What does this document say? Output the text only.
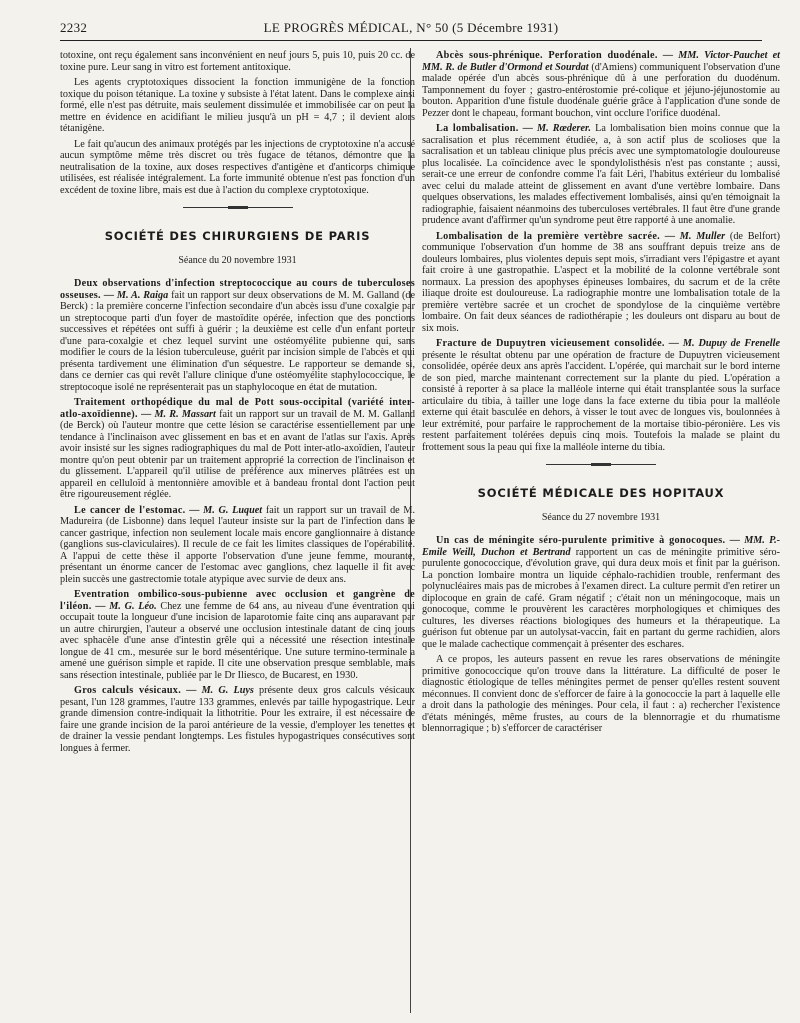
2232	LE PROGRÈS MÉDICAL, N° 50 (5 Décembre 1931)

totoxine, ont reçu également sans inconvénient en neuf jours 5, puis 10, puis 20 cc. de toxine pure. Leur sang in vitro est fortement antitoxique.

Les agents cryptotoxiques dissocient la fonction immunigène de la fonction toxique du poison tétanique. La toxine y subsiste à l'état latent. Dans le complexe ainsi formé, elle n'est pas détruite, mais seulement dissimulée et immobilisée car on peut la mettre en évidence en acidifiant le milieu jusqu'à un pH = 4,7 ; il devient alors tétanigène.

Le fait qu'aucun des animaux protégés par les injections de cryptotoxine n'a accusé aucun symptôme même très discret ou très fugace de tétanos, démontre que la neutralisation de la toxine, aux doses respectives d'antigène et d'anticorps chimique utilisées, est réalisée intégralement. La forte immunité obtenue n'est pas fonction d'un excédent de toxine libre, mais est due à l'action du complexe cryptotoxique.

SOCIÉTÉ DES CHIRURGIENS DE PARIS
Séance du 20 novembre 1931

Deux observations d'infection streptococcique au cours de tuberculoses osseuses. — M. A. Raiga fait un rapport sur deux observations de M. M. Galland (de Berck) : la première concerne l'infection secondaire d'un abcès issu d'une coxalgie par un streptocoque parti d'un foyer de mastoïdite opérée, infection que des ponctions successives et répétées ont suffi à guérir ; la deuxième est celle d'un enfant porteur d'une para-coxalgie et chez lequel survint une ostéomyélite pubienne qui, sans modifier le cours de la lésion tuberculeuse, guérit par incision simple de l'abcès et qui présenta tardivement une élimination d'un séquestre. Le rapporteur se demande si, dans ce dernier cas qui revêt l'allure clinique d'une ostéomyélite staphylococcique, le streptocoque isolé ne représenterait pas un staphylocoque en état de mutation.

Traitement orthopédique du mal de Pott sous-occipital (variété inter-atlo-axoïdienne). — M. R. Massart fait un rapport sur un travail de M. M. Galland (de Berck) où l'auteur montre que cette lésion se caractérise essentiellement par une tendance à l'inclinaison avec glissement en bas et en avant de l'atlas sur l'axis. Après avoir insisté sur les signes radiographiques du mal de Pott inter-atlo-axoïdien, l'auteur montre qu'on peut obtenir par un traitement approprié la correction de l'inclinaison et du glissement. L'appareil qu'il utilise de préférence aux minerves plâtrées est un appareil en celluloïd à mentonnière amovible et à bandeau frontal dont l'action peut être rigoureusement réglée.

Le cancer de l'estomac. — M. G. Luquet fait un rapport sur un travail de M. Madureira (de Lisbonne) dans lequel l'auteur insiste sur la part de l'infection dans le cancer gastrique, infection non seulement locale mais encore ganglionnaire à distance (ganglions sus-claviculaires). Il recule de ce fait les limites classiques de l'opérabilité. A l'appui de cette thèse il apporte l'observation d'une jeune femme, mourante, présentant un énorme cancer de l'estomac avec ganglions, chez laquelle il fit avec plein succès une gastrectomie totale atypique avec survie de deux ans.

Eventration ombilico-sous-pubienne avec occlusion et gangrène de l'iléon. — M. G. Léo. Chez une femme de 64 ans, au niveau d'une éventration qui occupait toute la longueur d'une incision de laparotomie faite cinq ans auparavant par un autre chirurgien, l'auteur a observé une occlusion intestinale datant de cinq jours avec sphacèle d'une anse d'intestin grêle qui a nécessité une résection intestinale longue de 41 cm., mesurée sur le bord mésentérique. Une suture termino-terminale a amené une guérison simple et rapide. Il cite une observation presque semblable, mais sans résection intestinale, publiée par le Dr Iliesco, de Bucarest, en 1930.

Gros calculs vésicaux. — M. G. Luys présente deux gros calculs vésicaux pesant, l'un 128 grammes, l'autre 133 grammes, enlevés par taille hypogastrique. Leur grande dimension contre-indiquait la lithotritie. Pour les extraire, il est nécessaire de faire une grande incision de la paroi antérieure de la vessie, d'employer les tenettes et de drainer la vessie pendant longtemps. Les fistules hypogastriques consécutives sont longues à fermer.

Abcès sous-phrénique. Perforation duodénale. — MM. Victor-Pauchet et MM. R. de Butler d'Ormond et Sourdat (d'Amiens) communiquent l'observation d'une malade opérée d'un abcès sous-phrénique dû à une perforation du duodénum. Tamponnement du foyer ; gastro-entérostomie pré-colique et jéjuno-jéjunostomie au bouton. Apparition d'une fistule duodénale guérie grâce à l'application d'une sonde de Pezzer dont le chapeau, formant bouchon, vint occlure l'orifice duodénal.

La lombalisation. — M. Rœderer. La lombalisation bien moins connue que la sacralisation et plus récemment étudiée, a, à son actif plus de scolioses que la sacralisation et un tableau clinique plus précis avec une symptomatologie douloureuse plus localisée. La coïncidence avec le spondylolisthésis n'est pas constante ; aussi, serait-ce une erreur de confondre comme l'a fait Léri, l'habitus extérieur du lombalisé avec celui du malade atteint de glissement en avant d'une vertèbre lombaire. Dans quelques observations, les malades effectivement lombalisés, ainsi qu'en témoignait la radiographie, faisaient néanmoins des tuberculoses vertébrales. Il faut être d'une grande prudence avant d'affirmer qu'un syndrome peut être rapporté à une anomalie.

Lombalisation de la première vertèbre sacrée. — M. Muller (de Belfort) communique l'observation d'un homme de 38 ans souffrant depuis treize ans de douleurs lombaires, plus violentes depuis sept mois, s'irradiant vers l'épigastre et ayant fait croire à une gastropathie. L'aspect et la mobilité de la colonne vertébrale sont normaux. La pression des apophyses épineuses lombaires, du sacrum et de la crête iliaque droite est douloureuse. La radiographie montre une lombalisation totale de la première vertèbre sacrée et un crochet de spondylose de la cinquième vertèbre lombaire. On fait deux séances de radiothérapie ; les douleurs ont disparu au bout de six mois.

Fracture de Dupuytren vicieusement consolidée. — M. Dupuy de Frenelle présente le résultat obtenu par une opération de fracture de Dupuytren vicieusement consolidée, opérée deux ans après l'accident. L'opérée, qui marchait sur le bord interne de son pied, marche maintenant correctement sur la plante du pied. L'opération a consisté à reporter à sa place la malléole interne qui était transplantée sous la surface articulaire du tibia, à tailler une loge dans la face externe du tibia pour la malléole externe qui était basculée en dehors, à visser le tout avec de longues vis, boulonnées à leur extrémité, pour parfaire le rapprochement de la mortaise tibio-péronière. Les vis restent parfaitement tolérées depuis cinq mois. Toutefois la malade se plaint du frottement sous la peau qui fixe la malléole interne du tibia.

SOCIÉTÉ MÉDICALE DES HOPITAUX
Séance du 27 novembre 1931

Un cas de méningite séro-purulente primitive à gonocoques. — MM. P.-Emile Weill, Duchon et Bertrand rapportent un cas de méningite primitive séro-purulente gonococcique, d'évolution grave, qui dura deux mois et finit par la guérison. La ponction lombaire montra un liquide céphalo-rachidien trouble, renfermant des polynucléaires mais pas de microbes à l'examen direct. La culture permit d'en retirer un diplocoque en grain de café. Gram négatif ; c'était non un méningocoque, mais un gonocoque, comme le prouvèrent les caractères morphologiques et chimiques des cultures, les diverses réactions biologiques des humeurs et la thérapeutique. La guérison fut obtenue par un autolysat-vaccin, fait en partant du germe rachidien, alors que le malade cachectique commençait à présenter des eschares.

A ce propos, les auteurs passent en revue les rares observations de méningite primitive gonococcique qu'on trouve dans la littérature. La difficulté de poser le diagnostic étiologique de telles méningites permet de penser qu'elles restent souvent méconnues. Il convient donc de s'efforcer de faire à la gonococcie la part à laquelle elle a droit dans la pathologie des méninges. Pour cela, il faut : a) rechercher l'existence d'états méningés, même frustes, au cours de la blennorragie et du rhumatisme blennorragique ; b) s'efforcer de caractériser
